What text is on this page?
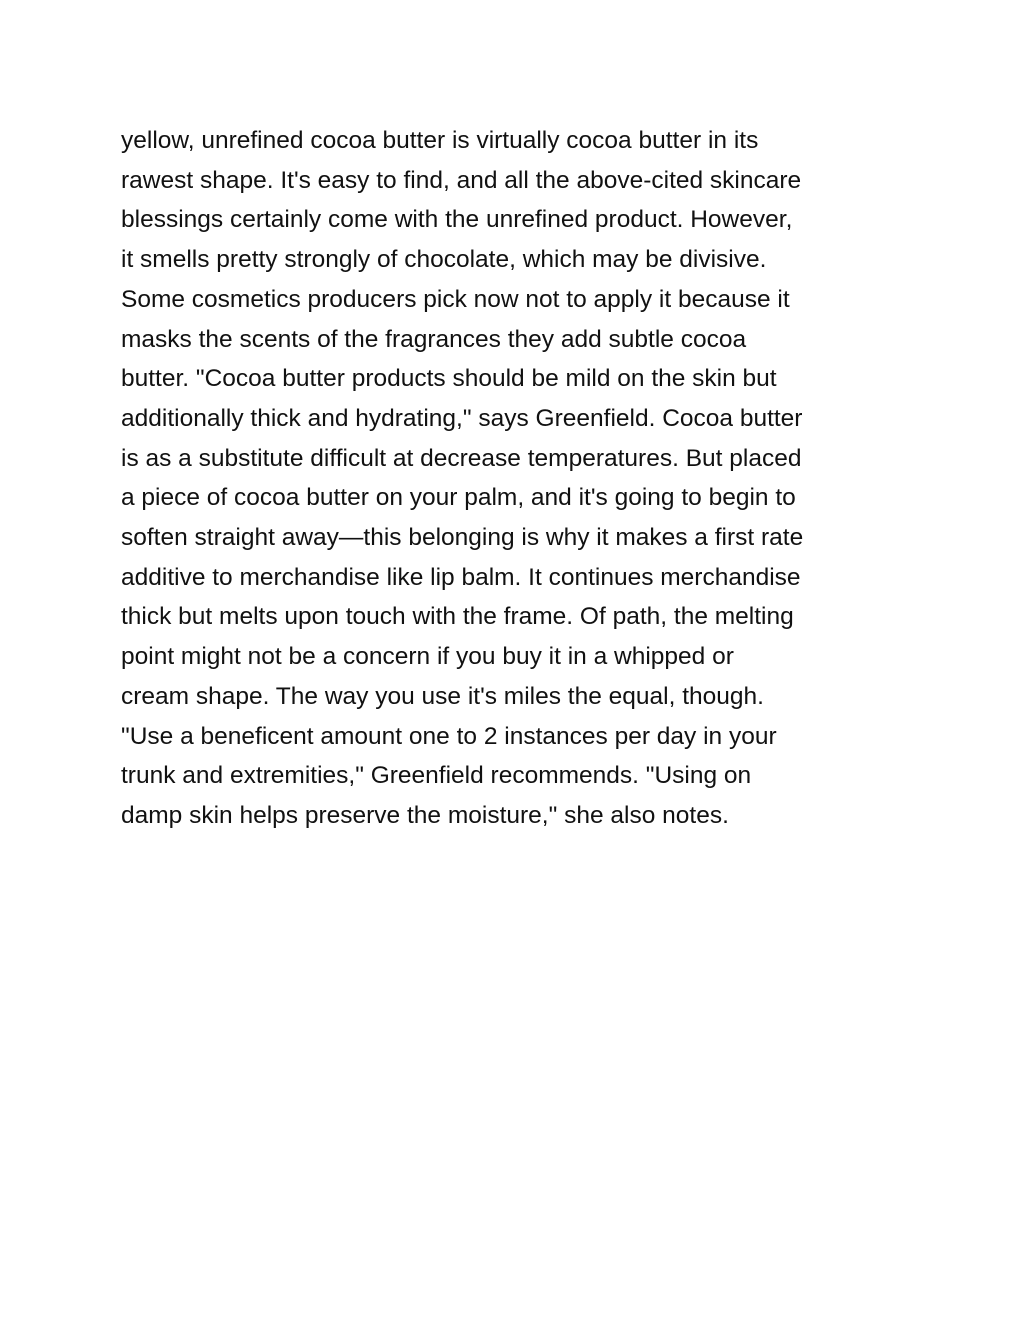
yellow, unrefined cocoa butter is virtually cocoa butter in its
rawest shape. It's easy to find, and all the above-cited skincare
blessings certainly come with the unrefined product. However,
it smells pretty strongly of chocolate, which may be divisive.
Some cosmetics producers pick now not to apply it because it
masks the scents of the fragrances they add subtle cocoa
butter. "Cocoa butter products should be mild on the skin but
additionally thick and hydrating," says Greenfield. Cocoa butter
is as a substitute difficult at decrease temperatures. But placed
a piece of cocoa butter on your palm, and it's going to begin to
soften straight away—this belonging is why it makes a first rate
additive to merchandise like lip balm. It continues merchandise
thick but melts upon touch with the frame. Of path, the melting
point might not be a concern if you buy it in a whipped or
cream shape. The way you use it's miles the equal, though.
"Use a beneficent amount one to 2 instances per day in your
trunk and extremities," Greenfield recommends. "Using on
damp skin helps preserve the moisture," she also notes.
